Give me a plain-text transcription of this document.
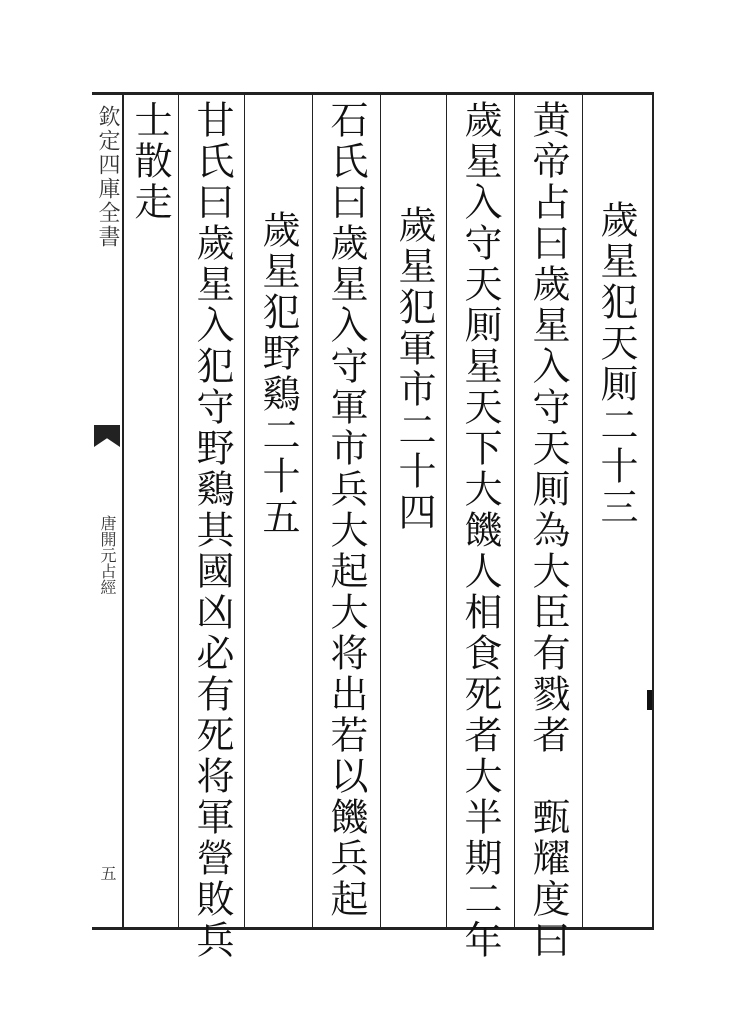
欽定四庫全書
唐開元占經
五
歲星犯天厠二十三
黄帝占曰歲星入守天厠為大臣有戮者　甄耀度曰
歲星入守天厠星天下大饑人相食死者大半期二年
歲星犯軍市二十四
石氏曰歲星入守軍市兵大起大将出若以饑兵起
歲星犯野鷄二十五
甘氏曰歲星入犯守野鷄其國凶必有死将軍營敗兵
士散走
